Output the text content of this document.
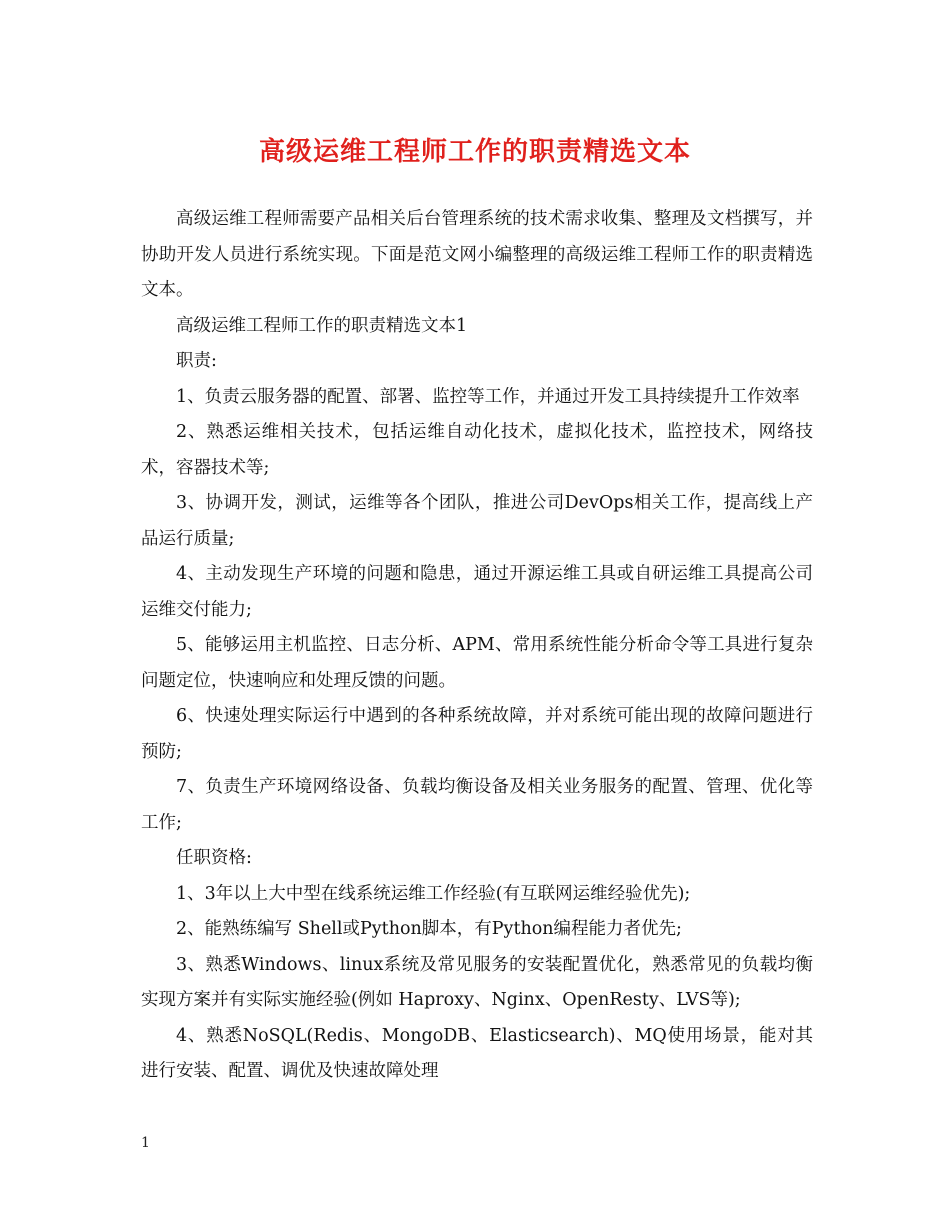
高级运维工程师工作的职责精选文本

高级运维工程师需要产品相关后台管理系统的技术需求收集、整理及文档撰写，并协助开发人员进行系统实现。下面是范文网小编整理的高级运维工程师工作的职责精选文本。

高级运维工程师工作的职责精选文本1

职责:

1、负责云服务器的配置、部署、监控等工作，并通过开发工具持续提升工作效率

2、熟悉运维相关技术，包括运维自动化技术，虚拟化技术，监控技术，网络技术，容器技术等;

3、协调开发，测试，运维等各个团队，推进公司DevOps相关工作，提高线上产品运行质量;

4、主动发现生产环境的问题和隐患，通过开源运维工具或自研运维工具提高公司运维交付能力;

5、能够运用主机监控、日志分析、APM、常用系统性能分析命令等工具进行复杂问题定位，快速响应和处理反馈的问题。

6、快速处理实际运行中遇到的各种系统故障，并对系统可能出现的故障问题进行预防;

7、负责生产环境网络设备、负载均衡设备及相关业务服务的配置、管理、优化等工作;

任职资格:

1、3年以上大中型在线系统运维工作经验(有互联网运维经验优先);

2、能熟练编写 Shell或Python脚本，有Python编程能力者优先;

3、熟悉Windows、linux系统及常见服务的安装配置优化，熟悉常见的负载均衡实现方案并有实际实施经验(例如 Haproxy、Nginx、OpenResty、LVS等);

4、熟悉NoSQL(Redis、MongoDB、Elasticsearch)、MQ使用场景，能对其进行安装、配置、调优及快速故障处理

1
